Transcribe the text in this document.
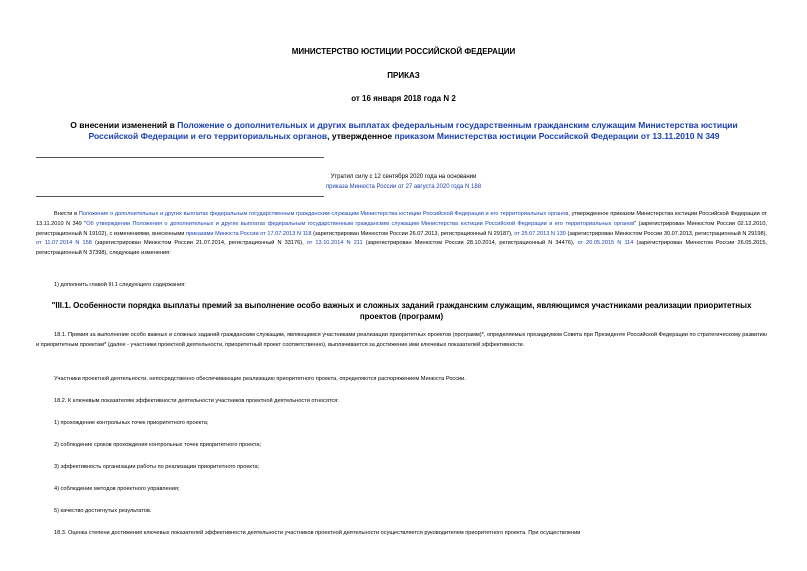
МИНИСТЕРСТВО ЮСТИЦИИ РОССИЙСКОЙ ФЕДЕРАЦИИ
ПРИКАЗ
от 16 января 2018 года N 2
О внесении изменений в Положение о дополнительных и других выплатах федеральным государственным гражданским служащим Министерства юстиции Российской Федерации и его территориальных органов, утвержденное приказом Министерства юстиции Российской Федерации от 13.11.2010 N 349
Утратил силу с 12 сентября 2020 года на основании
приказа Минюста России от 27 августа 2020 года N 188
Внести в Положение о дополнительных и других выплатах федеральным государственным гражданским служащим Министерства юстиции Российской Федерации и его территориальных органов, утвержденное приказом Министерства юстиции Российской Федерации от 13.11.2010 N 349 "Об утверждении Положения о дополнительных и других выплатах федеральным государственным гражданским служащим Министерства юстиции Российской Федерации и его территориальных органов" (зарегистрирован Минюстом России 02.12.2010, регистрационный N 19102), с изменениями, внесенными приказами Минюста России от 17.07.2013 N 118 (зарегистрирован Минюстом России 26.07.2013, регистрационный N 29187), от 25.07.2013 N 130 (зарегистрирован Минюстом России 30.07.2013, регистрационный N 29198), от 11.07.2014 N 158 (зарегистрирован Минюстом России 21.07.2014, регистрационный N 33176), от 13.10.2014 N 211 (зарегистрирован Минюстом России 28.10.2014, регистрационный N 34476), от 20.05.2015 N 114 (зарегистрирован Минюстом России 26.05.2015, регистрационный N 37398), следующие изменения:
1) дополнить главой III.1 следующего содержания:
"III.1. Особенности порядка выплаты премий за выполнение особо важных и сложных заданий гражданским служащим, являющимся участниками реализации приоритетных проектов (программ)
18.1. Премия за выполнение особо важных и сложных заданий гражданским служащим, являющимся участниками реализации приоритетных проектов (программ)*, определяемых президиумом Совета при Президенте Российской Федерации по стратегическому развитию и приоритетным проектам* (далее - участники проектной деятельности, приоритетный проект соответственно), выплачивается за достижение ими ключевых показателей эффективности.
Участники проектной деятельности, непосредственно обеспечивающие реализацию приоритетного проекта, определяются распоряжением Минюста России.
18.2. К ключевым показателям эффективности деятельности участников проектной деятельности относятся:
1) прохождение контрольных точек приоритетного проекта;
2) соблюдение сроков прохождения контрольных точек приоритетного проекта;
3) эффективность организации работы по реализации приоритетного проекта;
4) соблюдение методов проектного управления;
5) качество достигнутых результатов.
18.3. Оценка степени достижения ключевых показателей эффективности деятельности участников проектной деятельности осуществляется руководителем приоритетного проекта. При осуществлении
